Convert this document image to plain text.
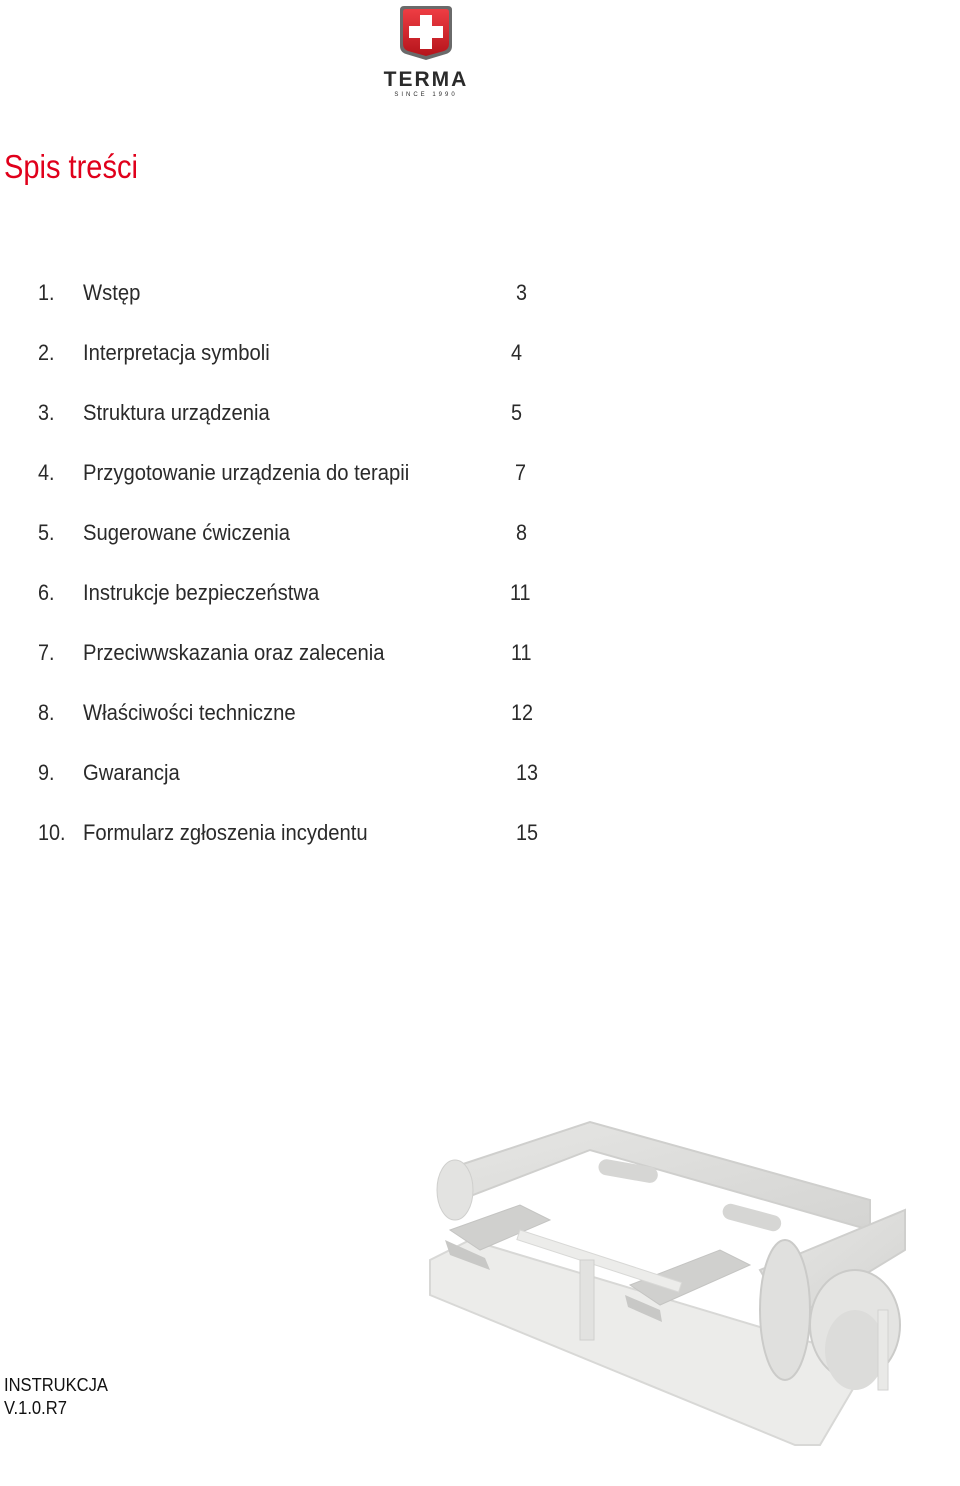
TERMA
SINCE 1990
Spis treści
1. Wstęp	3
2. Interpretacja symboli	4
3. Struktura urządzenia	5
4. Przygotowanie urządzenia do terapii	7
5. Sugerowane ćwiczenia	8
6. Instrukcje bezpieczeństwa	11
7. Przeciwwskazania oraz zalecenia	11
8. Właściwości techniczne	12
9. Gwarancja	13
10. Formularz zgłoszenia incydentu	15
INSTRUKCJA
V.1.0.R7
